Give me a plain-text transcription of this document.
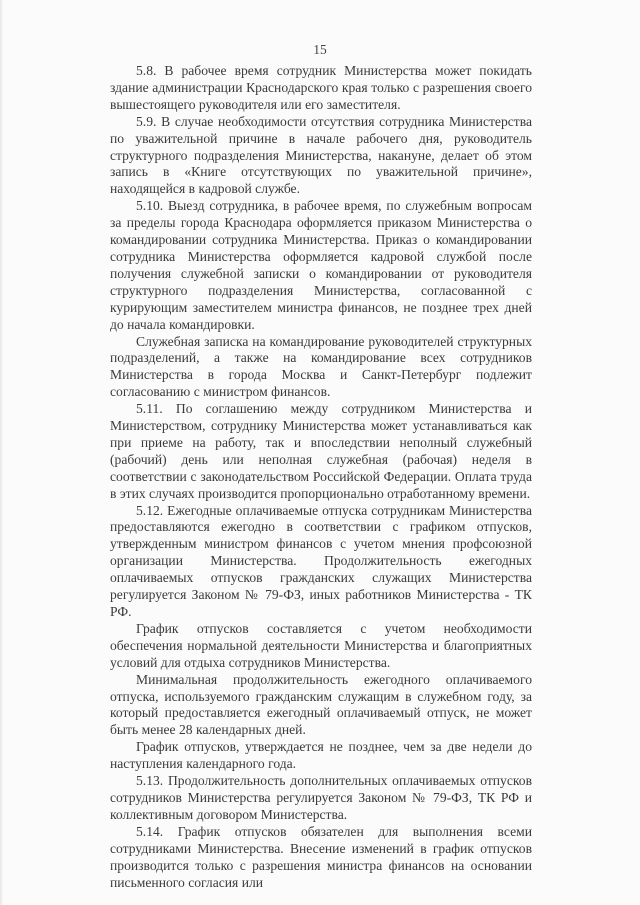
15

5.8. В рабочее время сотрудник Министерства может покидать здание администрации Краснодарского края только с разрешения своего вышестоящего руководителя или его заместителя.

5.9. В случае необходимости отсутствия сотрудника Министерства по уважительной причине в начале рабочего дня, руководитель структурного подразделения Министерства, накануне, делает об этом запись в «Книге отсутствующих по уважительной причине», находящейся в кадровой службе.

5.10. Выезд сотрудника, в рабочее время, по служебным вопросам за пределы города Краснодара оформляется приказом Министерства о командировании сотрудника Министерства. Приказ о командировании сотрудника Министерства оформляется кадровой службой после получения служебной записки о командировании от руководителя структурного подразделения Министерства, согласованной с курирующим заместителем министра финансов, не позднее трех дней до начала командировки.

Служебная записка на командирование руководителей структурных подразделений, а также на командирование всех сотрудников Министерства в города Москва и Санкт-Петербург подлежит согласованию с министром финансов.

5.11. По соглашению между сотрудником Министерства и Министерством, сотруднику Министерства может устанавливаться как при приеме на работу, так и впоследствии неполный служебный (рабочий) день или неполная служебная (рабочая) неделя в соответствии с законодательством Российской Федерации. Оплата труда в этих случаях производится пропорционально отработанному времени.

5.12. Ежегодные оплачиваемые отпуска сотрудникам Министерства предоставляются ежегодно в соответствии с графиком отпусков, утвержденным министром финансов с учетом мнения профсоюзной организации Министерства. Продолжительность ежегодных оплачиваемых отпусков гражданских служащих Министерства регулируется Законом № 79-ФЗ, иных работников Министерства - ТК РФ.

График отпусков составляется с учетом необходимости обеспечения нормальной деятельности Министерства и благоприятных условий для отдыха сотрудников Министерства.

Минимальная продолжительность ежегодного оплачиваемого отпуска, используемого гражданским служащим в служебном году, за который предоставляется ежегодный оплачиваемый отпуск, не может быть менее 28 календарных дней.

График отпусков, утверждается не позднее, чем за две недели до наступления календарного года.

5.13. Продолжительность дополнительных оплачиваемых отпусков сотрудников Министерства регулируется Законом № 79-ФЗ, ТК РФ и коллективным договором Министерства.

5.14. График отпусков обязателен для выполнения всеми сотрудниками Министерства. Внесение изменений в график отпусков производится только с разрешения министра финансов на основании письменного согласия или
